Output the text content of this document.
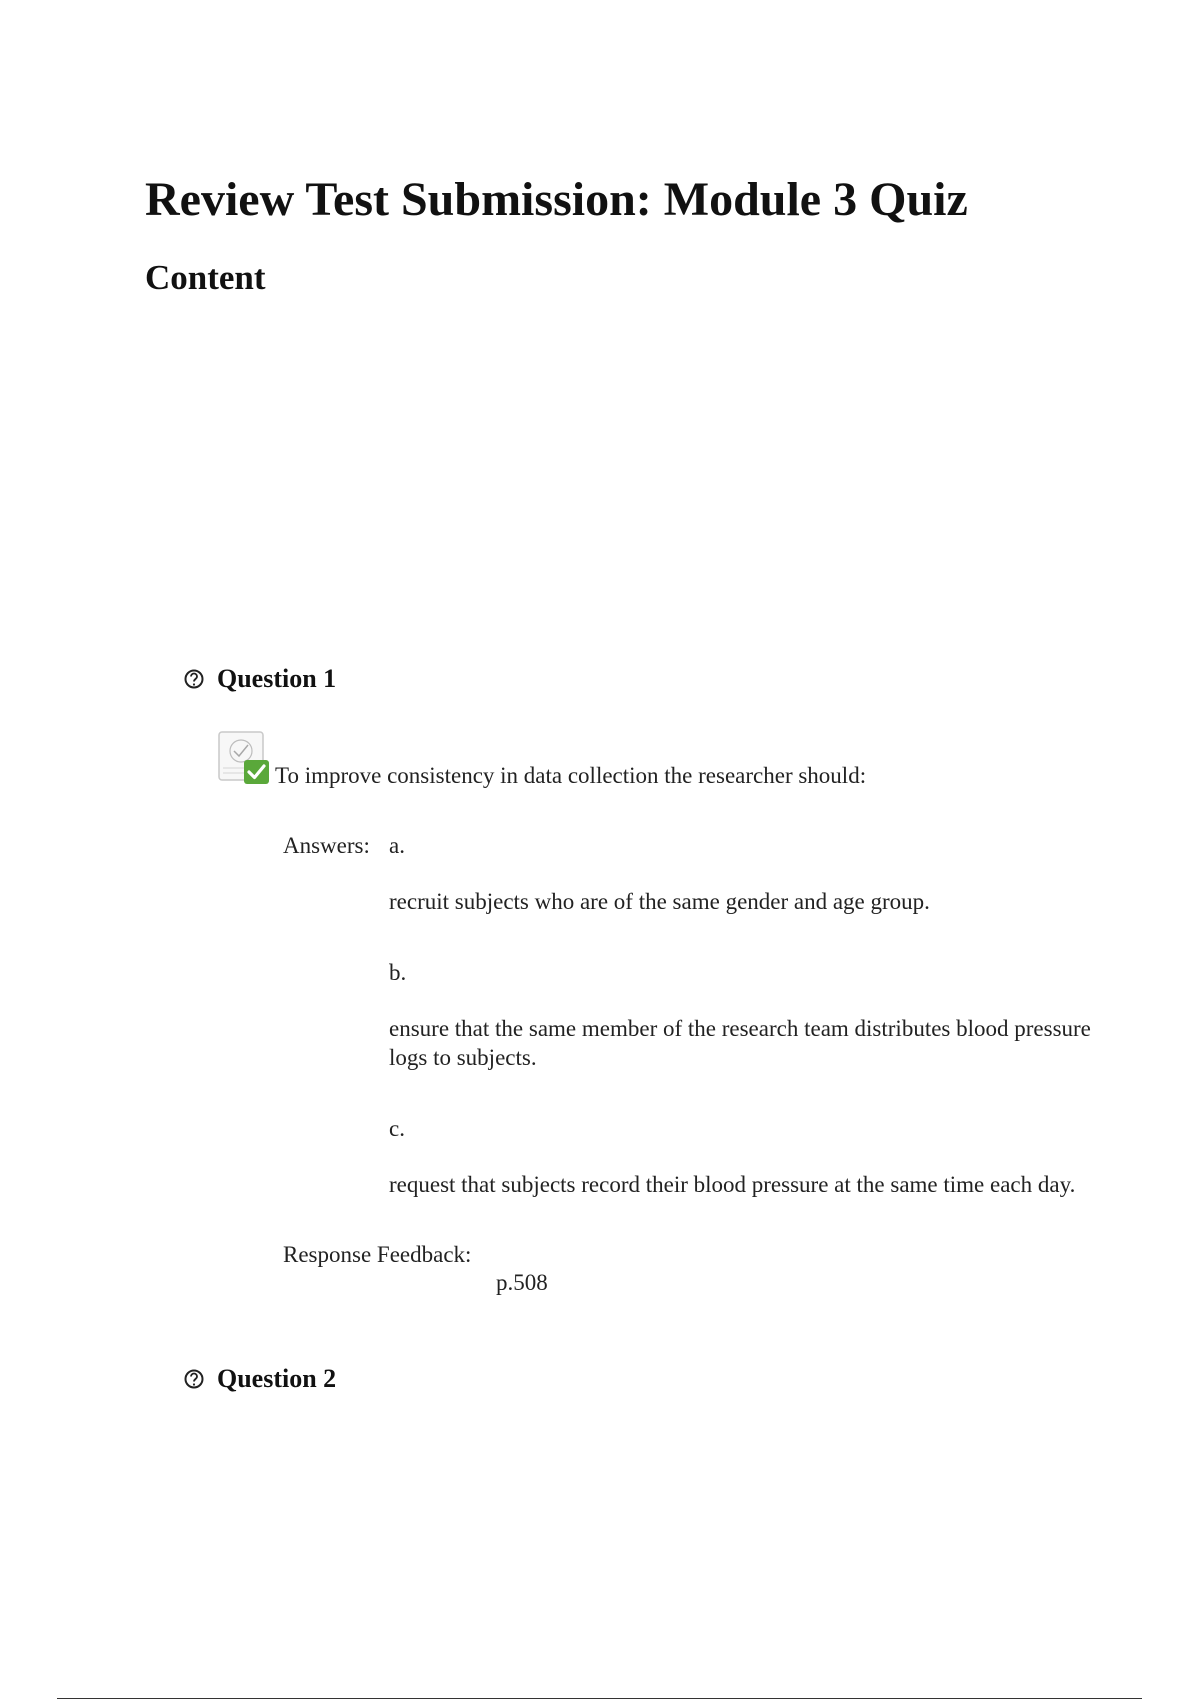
Review Test Submission: Module 3 Quiz
Content
Question 1
To improve consistency in data collection the researcher should:
Answers: a.
recruit subjects who are of the same gender and age group.
b.
ensure that the same member of the research team distributes blood pressure logs to subjects.
c.
request that subjects record their blood pressure at the same time each day.
Response Feedback:
p.508
Question 2
